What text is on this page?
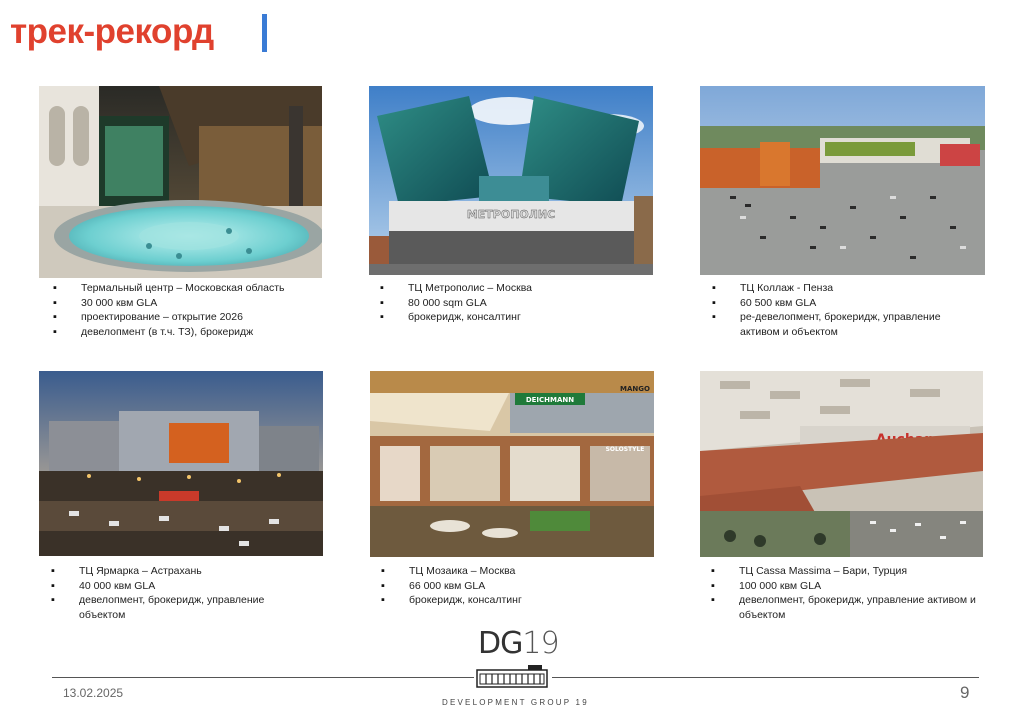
трек-рекорд
МЕТРОПОЛИС
DEICHMANN
MANGO
SOLOSTYLE
▪ Термальный центр – Московская область
▪ 30 000 квм GLA
▪ проектирование – открытие 2026
▪ девелопмент (в т.ч. ТЗ), брокеридж
▪ ТЦ Метрополис – Москва
▪ 80 000 sqm GLA
▪ брокеридж, консалтинг
▪ ТЦ Коллаж - Пенза
▪ 60 500 квм GLA
▪ ре-девелопмент, брокеридж, управление активом и объектом
▪ ТЦ Ярмарка – Астрахань
▪ 40 000 квм GLA
▪ девелопмент, брокеридж, управление объектом
▪ ТЦ Мозаика – Москва
▪ 66 000 квм GLA
▪ брокеридж, консалтинг
▪ ТЦ Cassa Massima – Бари, Турция
▪ 100 000 квм GLA
▪ девелопмент, брокеридж, управление активом и объектом
DG19
DEVELOPMENT GROUP 19
13.02.2025	9
